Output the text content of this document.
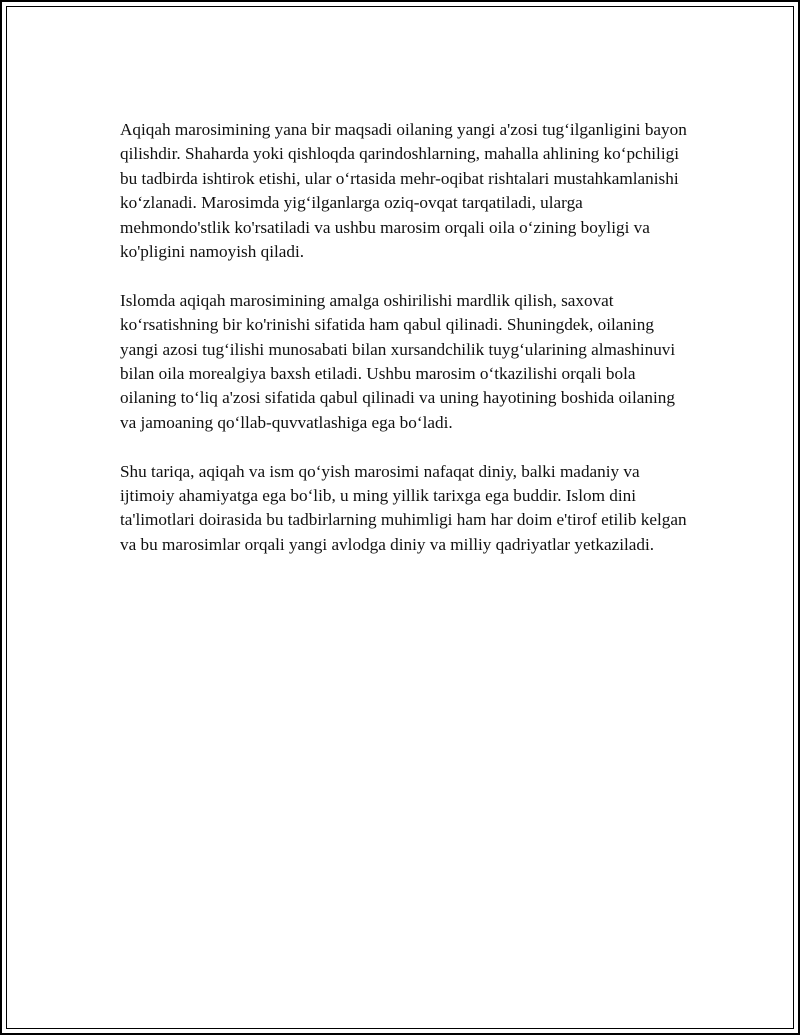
Aqiqah marosimining yana bir maqsadi oilaning yangi a'zosi tug‘ilganligini bayon qilishdir. Shaharda yoki qishloqda qarindoshlarning, mahalla ahlining ko‘pchiligi bu tadbirda ishtirok etishi, ular o‘rtasida mehr-oqibat rishtalari mustahkamlanishi ko‘zlanadi. Marosimda yig‘ilganlarga oziq-ovqat tarqatiladi, ularga mehmondo'stlik ko'rsatiladi va ushbu marosim orqali oila o‘zining boyligi va ko'pligini namoyish qiladi.

Islomda aqiqah marosimining amalga oshirilishi mardlik qilish, saxovat ko‘rsatishning bir ko'rinishi sifatida ham qabul qilinadi. Shuningdek, oilaning yangi azosi tug‘ilishi munosabati bilan xursandchilik tuyg‘ularining almashinuvi bilan oila morealgiya baxsh etiladi. Ushbu marosim o‘tkazilishi orqali bola oilaning to‘liq a'zosi sifatida qabul qilinadi va uning hayotining boshida oilaning va jamoaning qo‘llab-quvvatlashiga ega bo‘ladi.

Shu tariqa, aqiqah va ism qo‘yish marosimi nafaqat diniy, balki madaniy va ijtimoiy ahamiyatga ega bo‘lib, u ming yillik tarixga ega buddir. Islom dini ta'limotlari doirasida bu tadbirlarning muhimligi ham har doim e'tirof etilib kelgan va bu marosimlar orqali yangi avlodga diniy va milliy qadriyatlar yetkaziladi.
